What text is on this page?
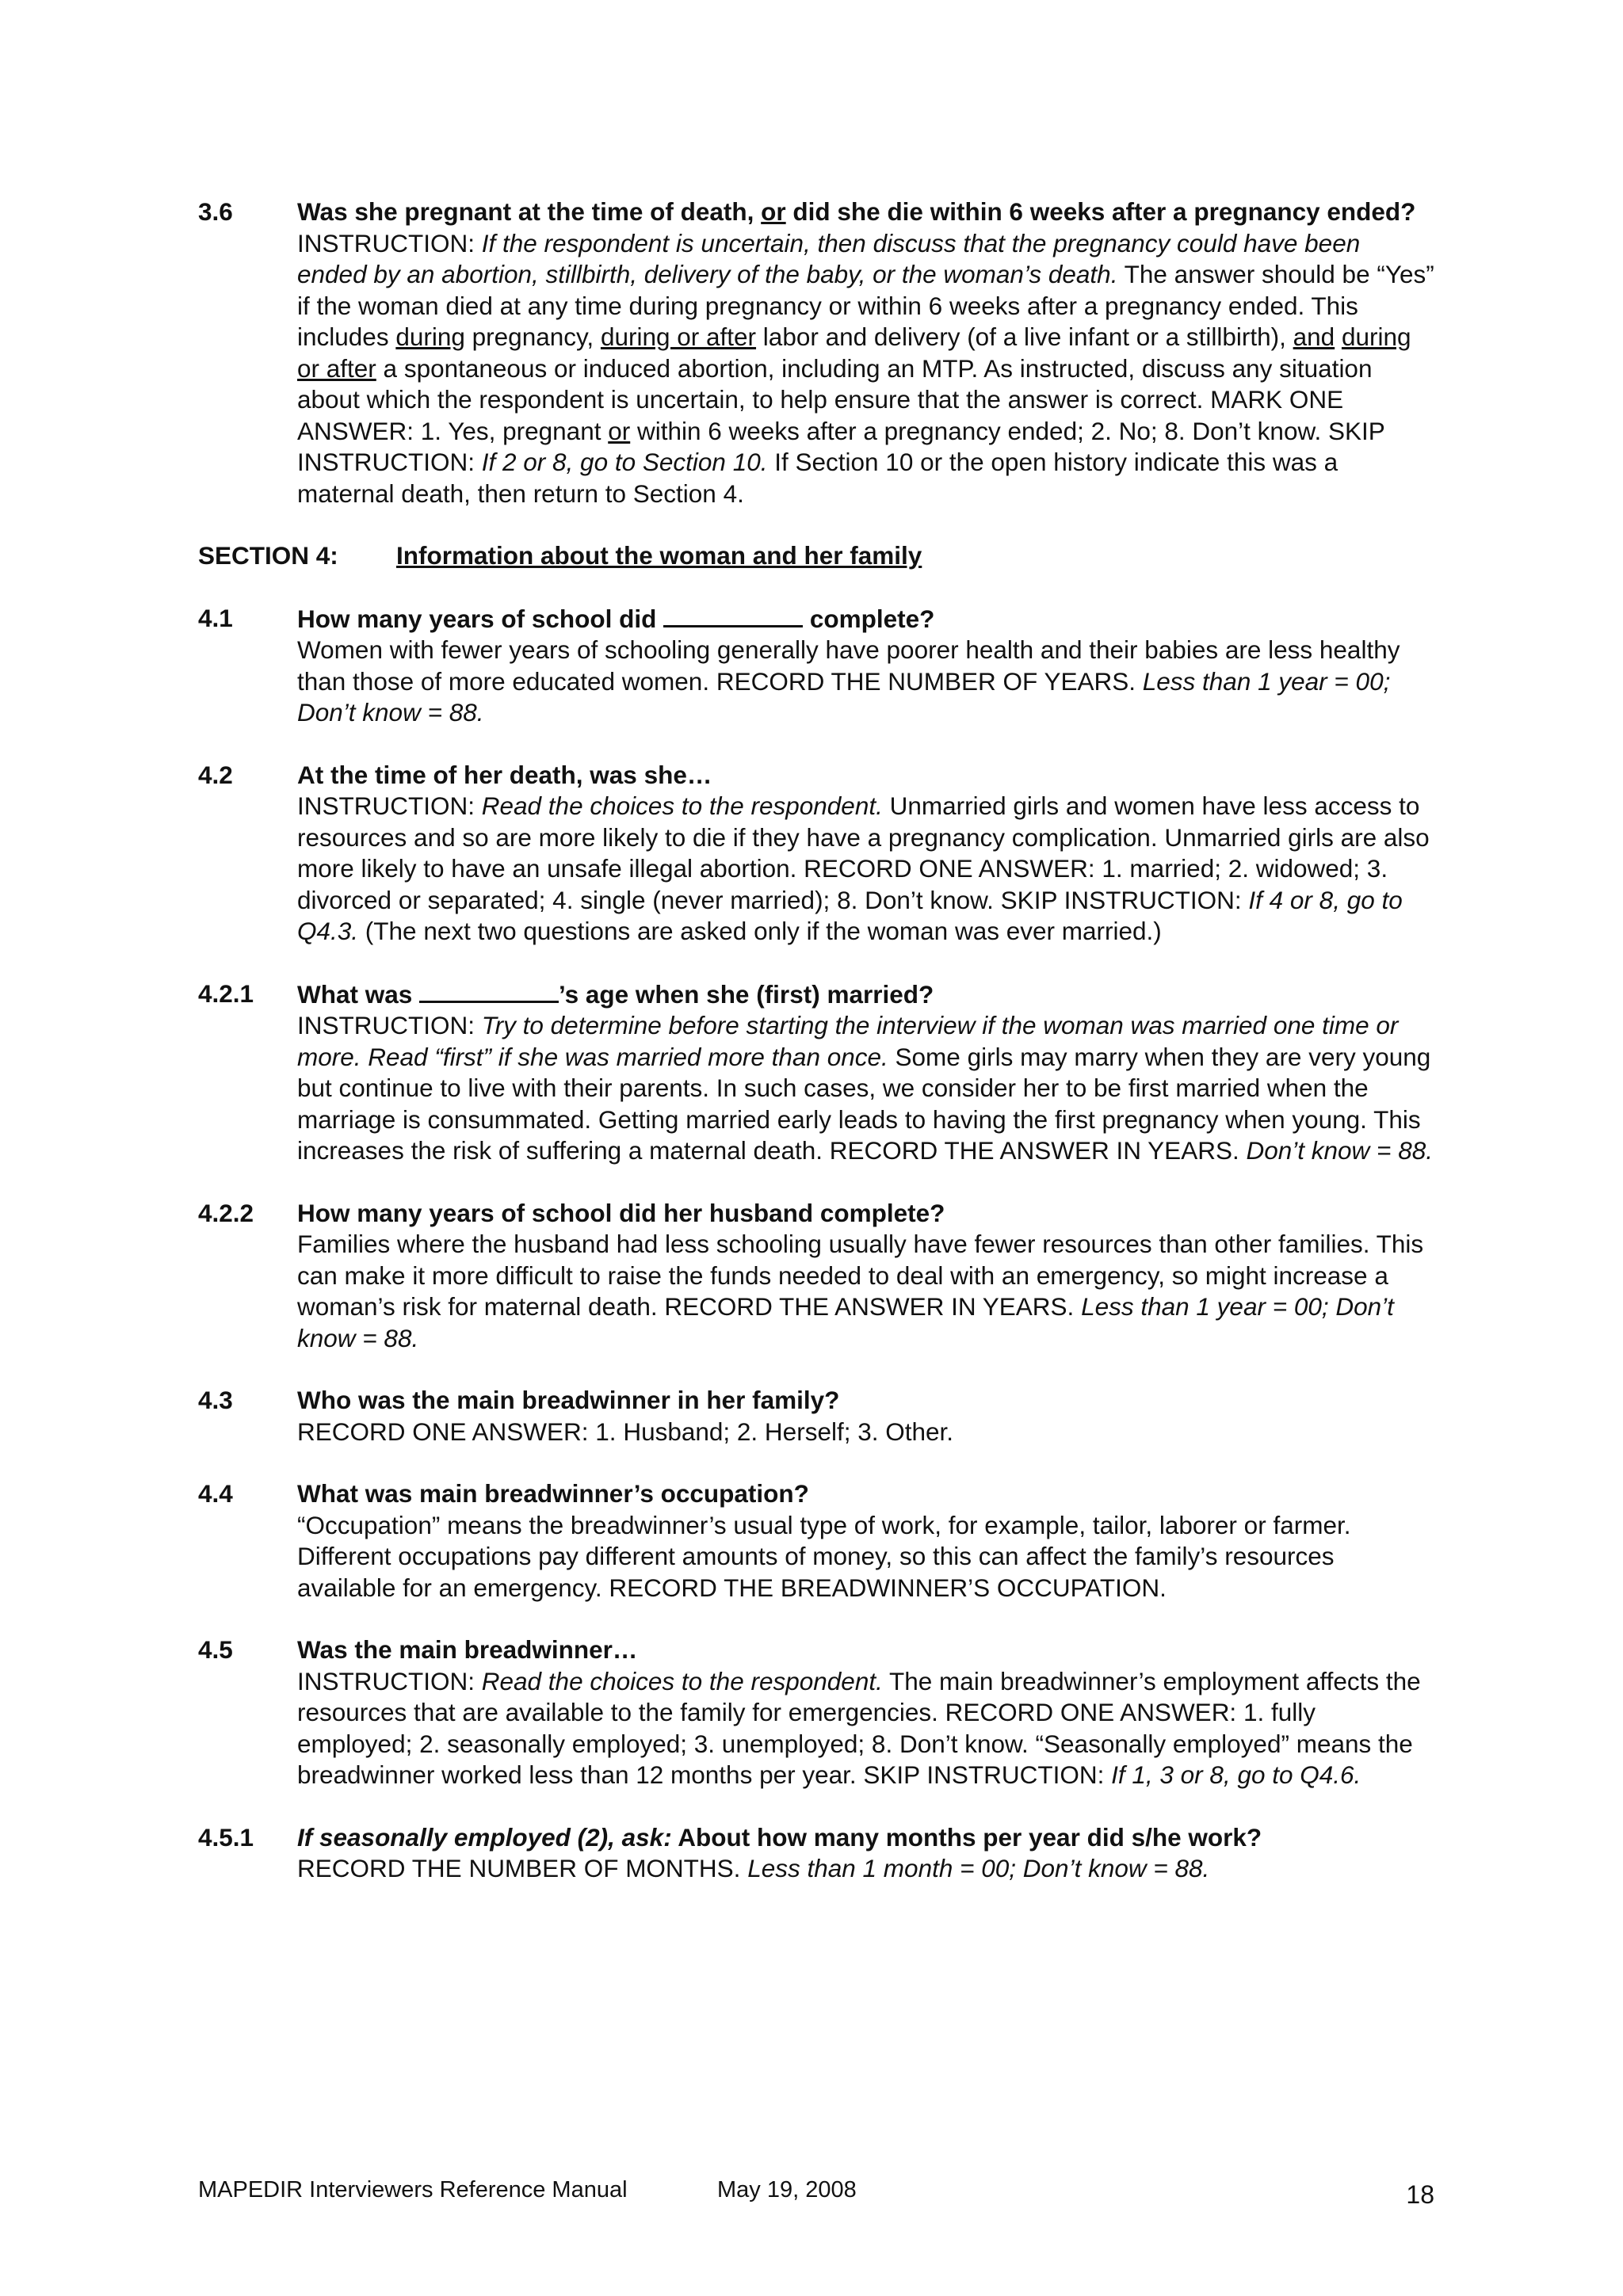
3.6	Was she pregnant at the time of death, or did she die within 6 weeks after a pregnancy ended?
INSTRUCTION: If the respondent is uncertain, then discuss that the pregnancy could have been ended by an abortion, stillbirth, delivery of the baby, or the woman’s death. The answer should be “Yes” if the woman died at any time during pregnancy or within 6 weeks after a pregnancy ended. This includes during pregnancy, during or after labor and delivery (of a live infant or a stillbirth), and during or after a spontaneous or induced abortion, including an MTP. As instructed, discuss any situation about which the respondent is uncertain, to help ensure that the answer is correct. MARK ONE ANSWER: 1. Yes, pregnant or within 6 weeks after a pregnancy ended; 2. No; 8. Don’t know. SKIP INSTRUCTION: If 2 or 8, go to Section 10. If Section 10 or the open history indicate this was a maternal death, then return to Section 4.
SECTION 4:	Information about the woman and her family
4.1	How many years of school did	complete?
Women with fewer years of schooling generally have poorer health and their babies are less healthy than those of more educated women. RECORD THE NUMBER OF YEARS. Less than 1 year = 00; Don’t know = 88.
4.2	At the time of her death, was she…
INSTRUCTION: Read the choices to the respondent. Unmarried girls and women have less access to resources and so are more likely to die if they have a pregnancy complication. Unmarried girls are also more likely to have an unsafe illegal abortion. RECORD ONE ANSWER: 1. married; 2. widowed; 3. divorced or separated; 4. single (never married); 8. Don’t know. SKIP INSTRUCTION: If 4 or 8, go to Q4.3. (The next two questions are asked only if the woman was ever married.)
4.2.1	What was	’s age when she (first) married?
INSTRUCTION: Try to determine before starting the interview if the woman was married one time or more. Read “first” if she was married more than once. Some girls may marry when they are very young but continue to live with their parents. In such cases, we consider her to be first married when the marriage is consummated. Getting married early leads to having the first pregnancy when young. This increases the risk of suffering a maternal death. RECORD THE ANSWER IN YEARS. Don’t know = 88.
4.2.2	How many years of school did her husband complete?
Families where the husband had less schooling usually have fewer resources than other families. This can make it more difficult to raise the funds needed to deal with an emergency, so might increase a woman’s risk for maternal death. RECORD THE ANSWER IN YEARS. Less than 1 year = 00; Don’t know = 88.
4.3	Who was the main breadwinner in her family?
RECORD ONE ANSWER: 1. Husband; 2. Herself; 3. Other.
4.4	What was main breadwinner’s occupation?
“Occupation” means the breadwinner’s usual type of work, for example, tailor, laborer or farmer. Different occupations pay different amounts of money, so this can affect the family’s resources available for an emergency. RECORD THE BREADWINNER’S OCCUPATION.
4.5	Was the main breadwinner…
INSTRUCTION: Read the choices to the respondent. The main breadwinner’s employment affects the resources that are available to the family for emergencies. RECORD ONE ANSWER: 1. fully employed; 2. seasonally employed; 3. unemployed; 8. Don’t know. “Seasonally employed” means the breadwinner worked less than 12 months per year. SKIP INSTRUCTION: If 1, 3 or 8, go to Q4.6.
4.5.1	If seasonally employed (2), ask: About how many months per year did s/he work?
RECORD THE NUMBER OF MONTHS. Less than 1 month = 00; Don’t know = 88.
MAPEDIR Interviewers Reference Manual	May 19, 2008	18
